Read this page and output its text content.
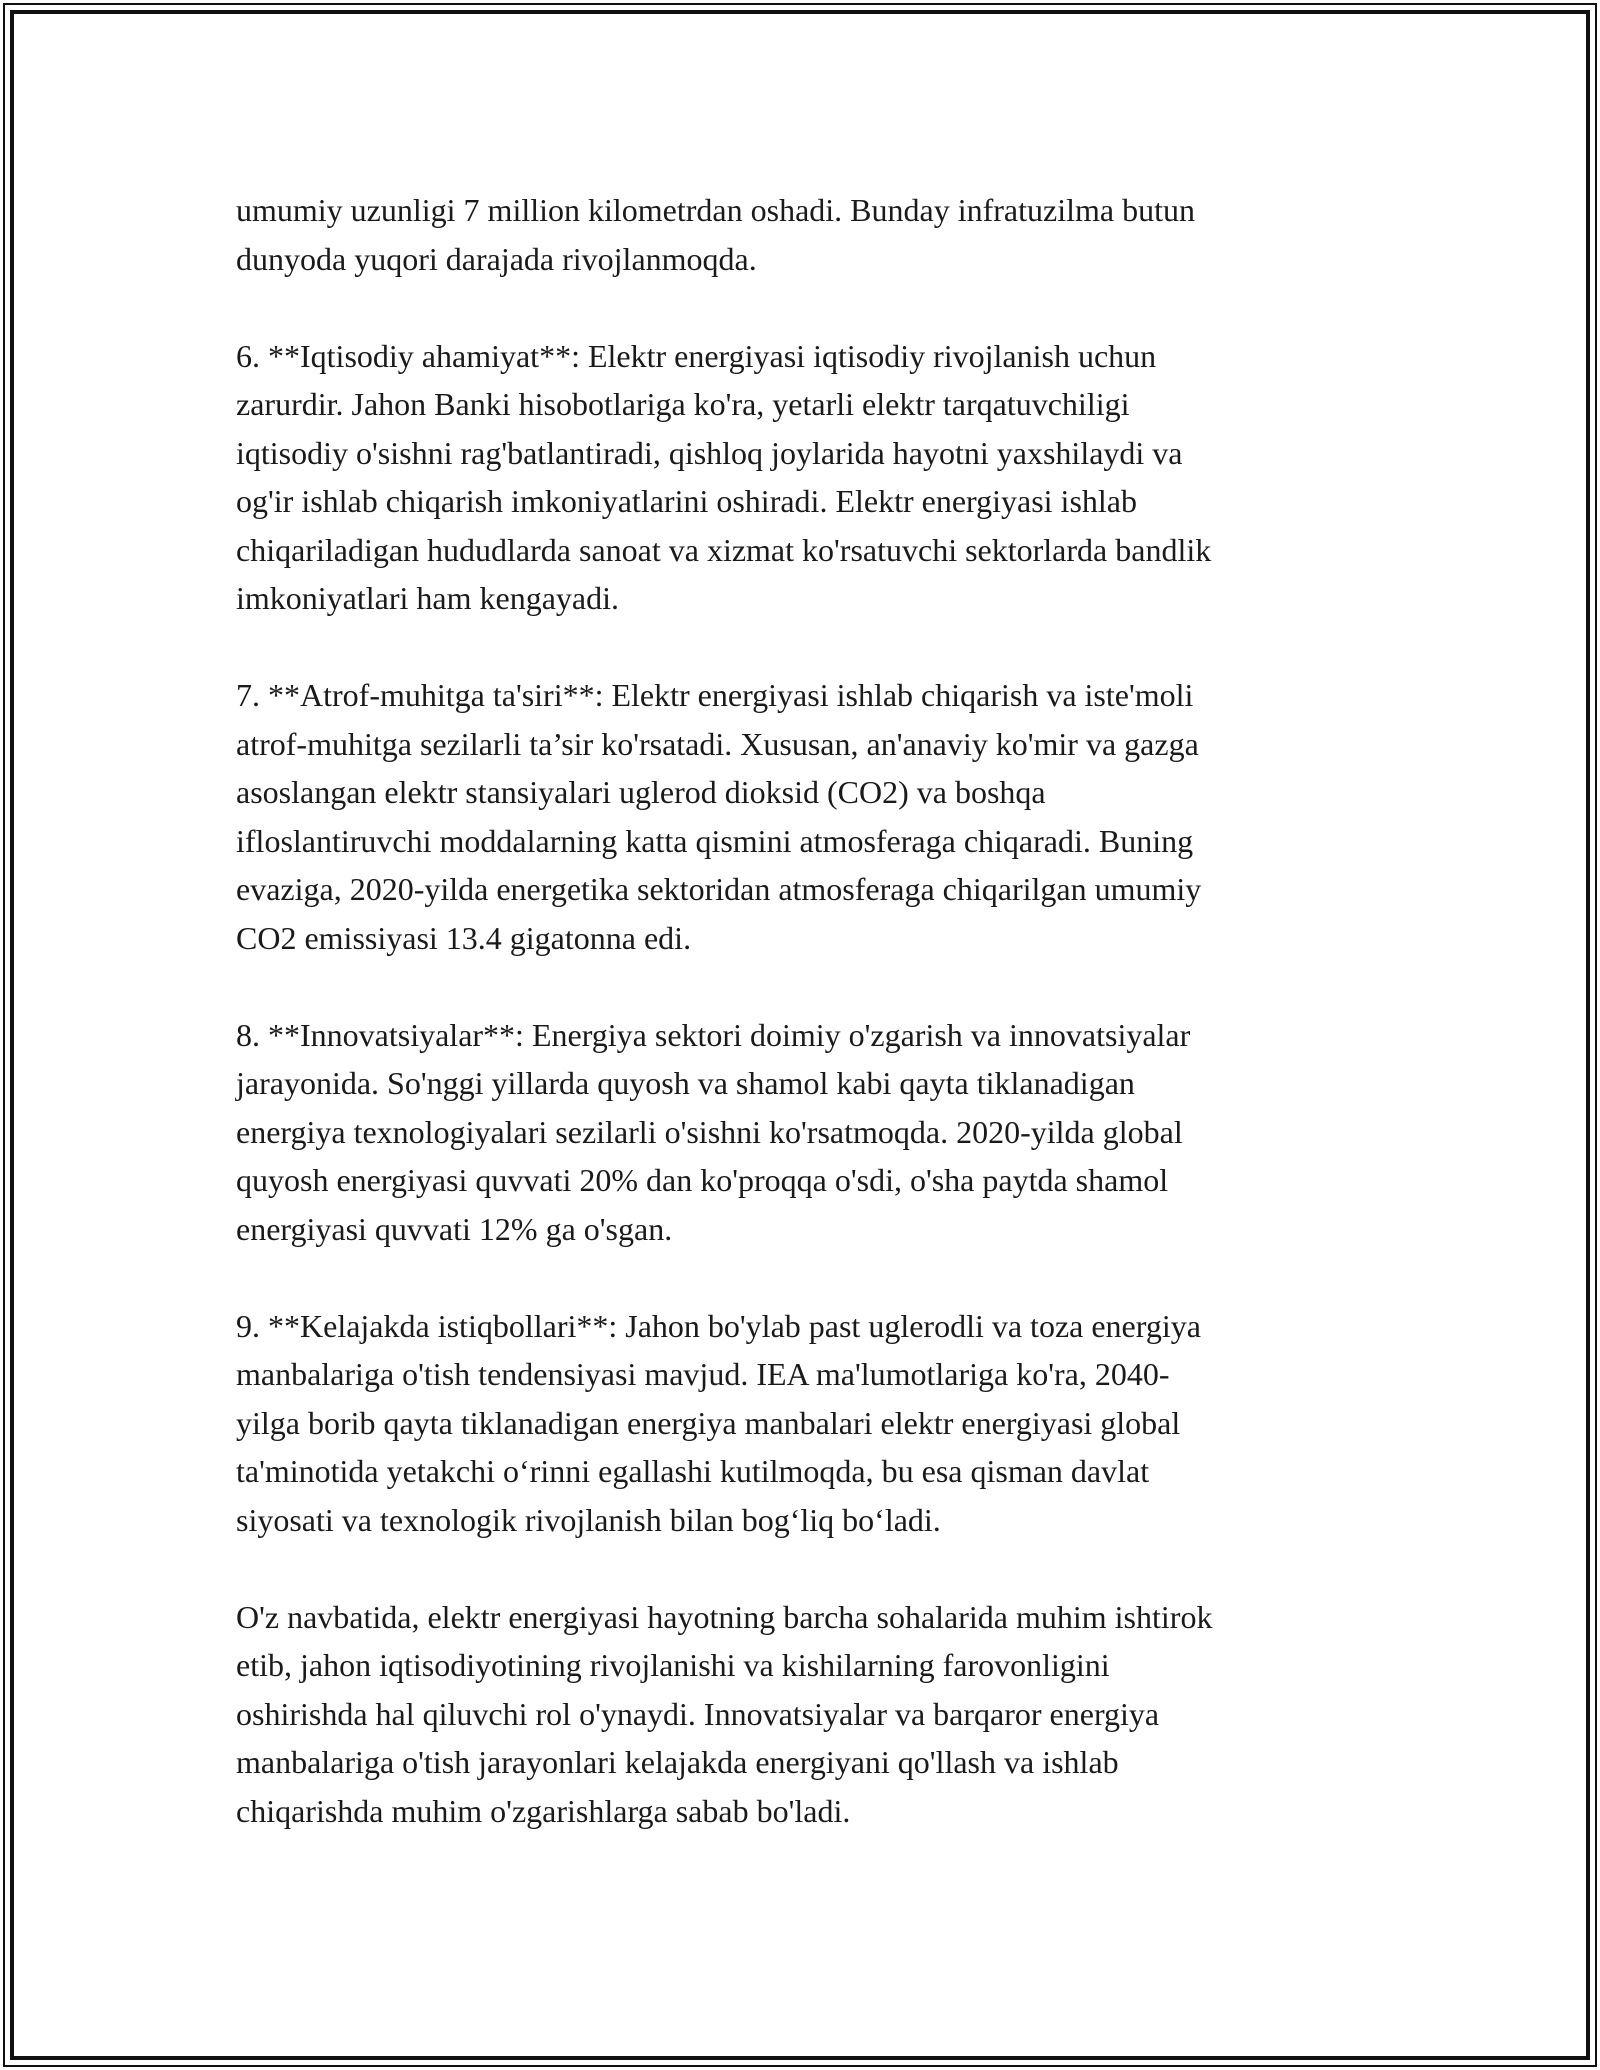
umumiy uzunligi 7 million kilometrdan oshadi. Bunday infratuzilma butun
dunyoda yuqori darajada rivojlanmoqda.

6. **Iqtisodiy ahamiyat**: Elektr energiyasi iqtisodiy rivojlanish uchun
zarurdir. Jahon Banki hisobotlariga ko'ra, yetarli elektr tarqatuvchiligi
iqtisodiy o'sishni rag'batlantiradi, qishloq joylarida hayotni yaxshilaydi va
og'ir ishlab chiqarish imkoniyatlarini oshiradi. Elektr energiyasi ishlab
chiqariladigan hududlarda sanoat va xizmat ko'rsatuvchi sektorlarda bandlik
imkoniyatlari ham kengayadi.

7. **Atrof-muhitga ta'siri**: Elektr energiyasi ishlab chiqarish va iste'moli
atrof-muhitga sezilarli ta’sir ko'rsatadi. Xususan, an'anaviy ko'mir va gazga
asoslangan elektr stansiyalari uglerod dioksid (CO2) va boshqa
ifloslantiruvchi moddalarning katta qismini atmosferaga chiqaradi. Buning
evaziga, 2020-yilda energetika sektoridan atmosferaga chiqarilgan umumiy
CO2 emissiyasi 13.4 gigatonna edi.

8. **Innovatsiyalar**: Energiya sektori doimiy o'zgarish va innovatsiyalar
jarayonida. So'nggi yillarda quyosh va shamol kabi qayta tiklanadigan
energiya texnologiyalari sezilarli o'sishni ko'rsatmoqda. 2020-yilda global
quyosh energiyasi quvvati 20% dan ko'proqqa o'sdi, o'sha paytda shamol
energiyasi quvvati 12% ga o'sgan.

9. **Kelajakda istiqbollari**: Jahon bo'ylab past uglerodli va toza energiya
manbalariga o'tish tendensiyasi mavjud. IEA ma'lumotlariga ko'ra, 2040-
yilga borib qayta tiklanadigan energiya manbalari elektr energiyasi global
ta'minotida yetakchi o‘rinni egallashi kutilmoqda, bu esa qisman davlat
siyosati va texnologik rivojlanish bilan bog‘liq bo‘ladi.

O'z navbatida, elektr energiyasi hayotning barcha sohalarida muhim ishtirok
etib, jahon iqtisodiyotining rivojlanishi va kishilarning farovonligini
oshirishda hal qiluvchi rol o'ynaydi. Innovatsiyalar va barqaror energiya
manbalariga o'tish jarayonlari kelajakda energiyani qo'llash va ishlab
chiqarishda muhim o'zgarishlarga sabab bo'ladi.
